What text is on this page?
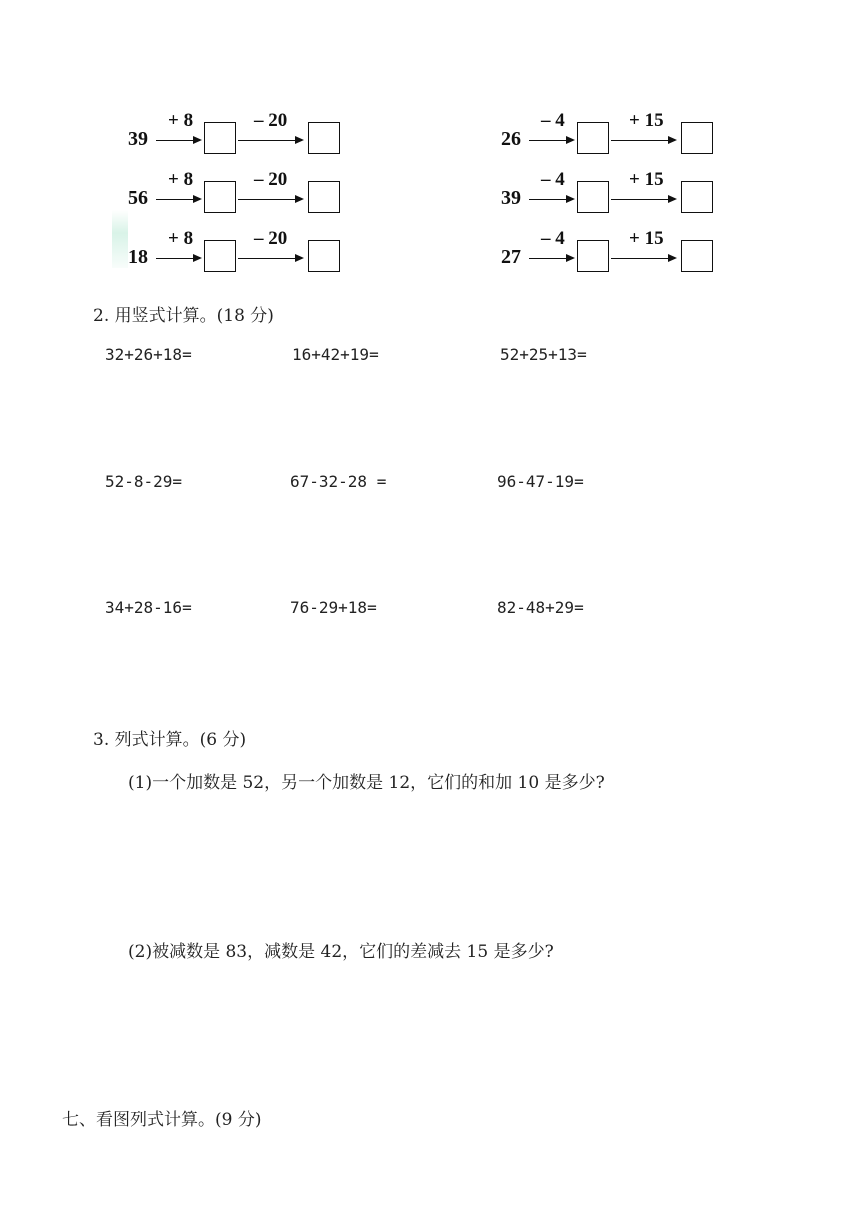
39
+ 8	– 20
56
+ 8	– 20
18
+ 8	– 20
26
– 4	+ 15
39
– 4	+ 15
27
– 4	+ 15
2. 用竖式计算。(18 分)
32+26+18=	16+42+19=	52+25+13=
52-8-29=	67-32-28 =	96-47-19=
34+28-16=	76-29+18=	82-48+29=
3. 列式计算。(6 分)
(1)一个加数是 52，另一个加数是 12，它们的和加 10 是多少?
(2)被减数是 83，减数是 42，它们的差减去 15 是多少?
七、看图列式计算。(9 分)
